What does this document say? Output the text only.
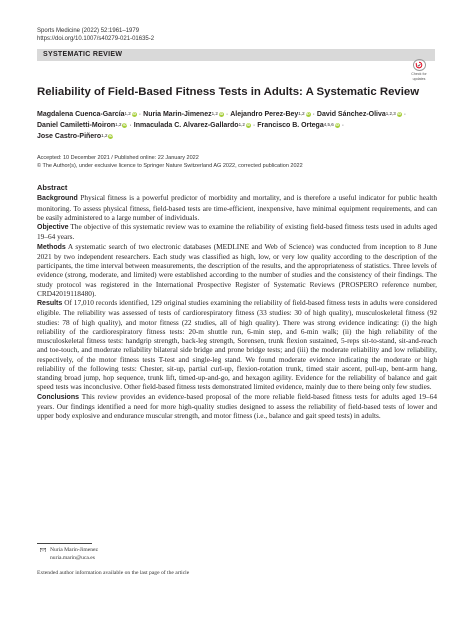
Sports Medicine (2022) 52:1961–1979
https://doi.org/10.1007/s40279-021-01635-2
SYSTEMATIC REVIEW
Check for
updates
Reliability of Field-Based Fitness Tests in Adults: A Systematic Review
Magdalena Cuenca-García$^{1,2}$ iD · Nuria Marin-Jimenez$^{1,2}$ iD · Alejandro Perez-Bey$^{1,2}$ iD · David Sánchez-Oliva$^{1,2,3}$ iD ·
Daniel Camiletti-Moiron$^{1,2}$ iD · Inmaculada C. Alvarez-Gallardo$^{1,2}$ iD · Francisco B. Ortega$^{4,5,6}$ iD ·
Jose Castro-Piñero$^{1,2}$ iD
Accepted: 10 December 2021 / Published online: 22 January 2022
© The Author(s), under exclusive licence to Springer Nature Switzerland AG 2022, corrected publication 2022
Abstract

Background Physical fitness is a powerful predictor of morbidity and mortality, and is therefore a useful indicator for public health monitoring. To assess physical fitness, field-based tests are time-efficient, inexpensive, have minimal equipment requirements, and can be easily administered to a large number of individuals.

Objective The objective of this systematic review was to examine the reliability of existing field-based fitness tests used in adults aged 19–64 years.

Methods A systematic search of two electronic databases (MEDLINE and Web of Science) was conducted from inception to 8 June 2021 by two independent researchers. Each study was classified as high, low, or very low quality according to the description of the participants, the time interval between measurements, the description of the results, and the appropriateness of statistics. Three levels of evidence (strong, moderate, and limited) were established according to the number of studies and the consistency of their findings. The study protocol was registered in the International Prospective Register of Systematic Reviews (PROSPERO reference number, CRD42019118480).

Results Of 17,010 records identified, 129 original studies examining the reliability of field-based fitness tests in adults were considered eligible. The reliability was assessed of tests of cardiorespiratory fitness (33 studies: 30 of high quality), musculoskeletal fitness (92 studies: 78 of high quality), and motor fitness (22 studies, all of high quality). There was strong evidence indicating: (i) the high reliability of the cardiorespiratory fitness tests: 20-m shuttle run, 6-min step, and 6-min walk; (ii) the high reliability of the musculoskeletal fitness tests: handgrip strength, back-leg strength, Sorensen, trunk flexion sustained, 5-reps sit-to-stand, sit-and-reach and toe-touch, and moderate reliability bilateral side bridge and prone bridge tests; and (iii) the moderate reliability and low reliability, respectively, of the motor fitness tests T-test and single-leg stand. We found moderate evidence indicating the moderate or high reliability of the following tests: Chester, sit-up, partial curl-up, flexion-rotation trunk, timed stair ascent, pull-up, bent-arm hang, standing broad jump, hop sequence, trunk lift, timed-up-and-go, and hexagon agility. Evidence for the reliability of balance and gait speed tests was inconclusive. Other field-based fitness tests demonstrated limited evidence, mainly due to there being only few studies.

Conclusions This review provides an evidence-based proposal of the more reliable field-based fitness tests for adults aged 19–64 years. Our findings identified a need for more high-quality studies designed to assess the reliability of field-based tests of lower and upper body explosive and endurance muscular strength, and motor fitness (i.e., balance and gait speed tests) in adults.

Nuria Marin-Jimenez
nuria.marin@uca.es
Extended author information available on the last page of the article
